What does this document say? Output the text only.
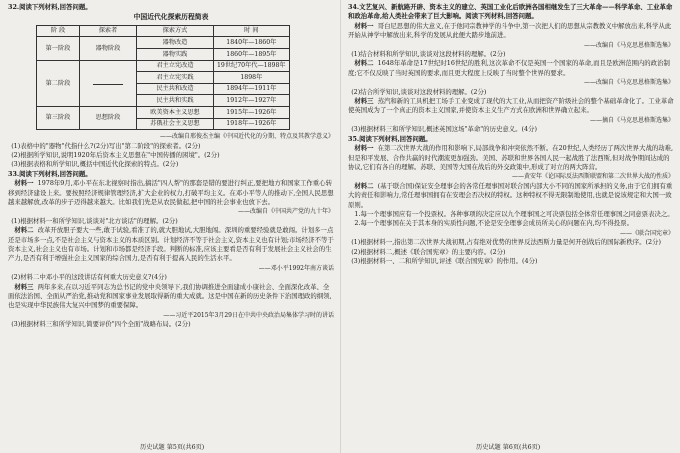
32.阅读下列材料,回答问题。

中国近代化探索历程简表
阶 段	探索者	探索方式	时 间
第一阶段	器物阶段	器物改造	1840年—1860年
		器物实践	1860年—1895年
第二阶段		君主立宪改造	19世纪70年代—1898年
		君主立宪实践	1898年
		民主共和改造	1894年—1911年
		民主共和实践	1912年—1927年
第三阶段	思想阶段	欧美资本主义思想	1915年—1926年
		苏俄社会主义思想	1918年—1926年

——改编自邢俊杰主编《中国近代化的分期、特点及其教学意义》

(1)表格中的"器物"代指什么?(2分)写出"第二阶段"的探索者。(2分)

(2)根据所学知识,说明1920年后资本主义思想在"中国传播的困境"。(2分)

(3)根据表格和所学知识,概括中国近代化探索的特点。(2分)

33.阅读下列材料,回答问题。

材料一 1978年9月,邓小平在东北视察时指出,搞活"四人帮"的那套是错的要进行纠正,要把地方和国家工作重心转移到经济建设上来。要按照经济规律管理经济,扩大企业的权力,打破平均主义。在邓小平等人的推动下,全国人民思想越来越解放,改革的步子迈得越来越大。比如我们先是从农民做起,把中国的社会事业也放下去。

——改编自《中国共产党的九十年》

(1)根据材料一和所学知识,谈谈对"北方谈话"的理解。(2分)

材料二 改革开放胆子要大一些,敢于试验,看准了的,就大胆地试,大胆地闯。深圳的重要经验就是敢闯。计划多一点还是市场多一点,不是社会主义与资本主义的本质区别。计划经济不等于社会主义,资本主义也有计划;市场经济不等于资本主义,社会主义也有市场。计划和市场都是经济手段。判断的标准,应该主要看是否有利于发展社会主义社会的生产力,是否有利于增强社会主义国家的综合国力,是否有利于提高人民的生活水平。

——邓小平1992年南方谈话

(2)材料二中邓小平的这段讲话有何重大历史意义?(4分)

材料三 两年多来,在以习近平同志为总书记的党中央领导下,我们协调推进全面建成小康社会、全面深化改革、全面依法治国、全面从严治党,推动党和国家事业发展取得新的重大成就。这是中国在新的历史条件下治国理政的纲领,也是实现中华民族伟大复兴中国梦的重要保障。

——习近平2015年3月29日在中共中央政治局集体学习时的讲话

(3)根据材料三和所学知识,简要评价"四个全面"战略布局。(2分)

历史试题 第5页(共6页)

34.文艺复兴、新航路开辟、资本主义的建立、英国工业化后欧洲各国相继发生了三大革命——科学革命、工业革命和政治革命,给人类社会带来了巨大影响。阅读下列材料,回答问题。

材料一 哥白尼思想的伟大意义,在于他同宗教神学的斗争中,第一次把人们的思想从宗教教义中解放出来,科学从此开始从神学中解放出来,科学的发展从此便大踏步地前进。

——改编自《马克思恩格斯选集》

(1)结合材料和所学知识,谈谈对这段材料的理解。(2分)

材料二 1648年革命是17世纪时16世纪的胜利,这次革命不仅是英国一个国家的革命,而且是欧洲范围内的政治制度;它不仅反映了当时英国的要求,而且更大程度上反映了当时整个世界的要求。

——改编自《马克思恩格斯选集》

(2)结合所学知识,谈谈对这段材料的理解。(2分)

材料三 蒸汽和新的工具机把工场手工业变成了现代的大工业,从而把资产阶级社会的整个基础革命化了。工业革命使英国成为了一个真正的资本主义国家,并使资本主义生产方式在欧洲和世界确立起来。

——摘自《马克思恩格斯选集》

(3)根据材料三和所学知识,概述英国这场"革命"的历史意义。(4分)

35.阅读下列材料,回答问题。

材料一 在第二次世界大战的作用和影响下,局部战争和冲突依然不断。在20世纪,人类经历了两次世界大战的劫难,但是和平发展、合作共赢的时代潮流更加强劲。美国、苏联和世界各国人民一起战胜了法西斯,但对战争期间达成的协议,它们有各自的理解。苏联、美国等大国在战后的外交政策中,形成了对立的两大阵营。

——黄安年《论国际反法西斯联盟和第二次世界大战的性质》

材料二 (基于联合国)保证安全理事会的各常任理事国对联合国内部大小不同的国家所承担的义务,由于它们拥有重大的责任和影响力,常任理事国拥有在安理会否决权的特权。这种特权不得无限制地使用,也就是说该规定和大国一致原则。

1.每一个理事国应有一个投票权。各种事项的决定应以九个理事国之可决票包括全体常任理事国之同意票表决之。

2.每一个理事国在关于其本身的实质性问题,不论是安全理事会成员所关心的问题在内,均不得投票。

——《联合国宪章》

(1)根据材料一,指出第二次世界大战初期,占有绝对优势的世界反法西斯力量是何开创战后的国际新秩序。(2分)

(2)根据材料二,概述《联合国宪章》的主要内容。(2分)

(3)根据材料一、二和所学知识,评述《联合国宪章》的作用。(4分)

历史试题 第6页(共6页)
